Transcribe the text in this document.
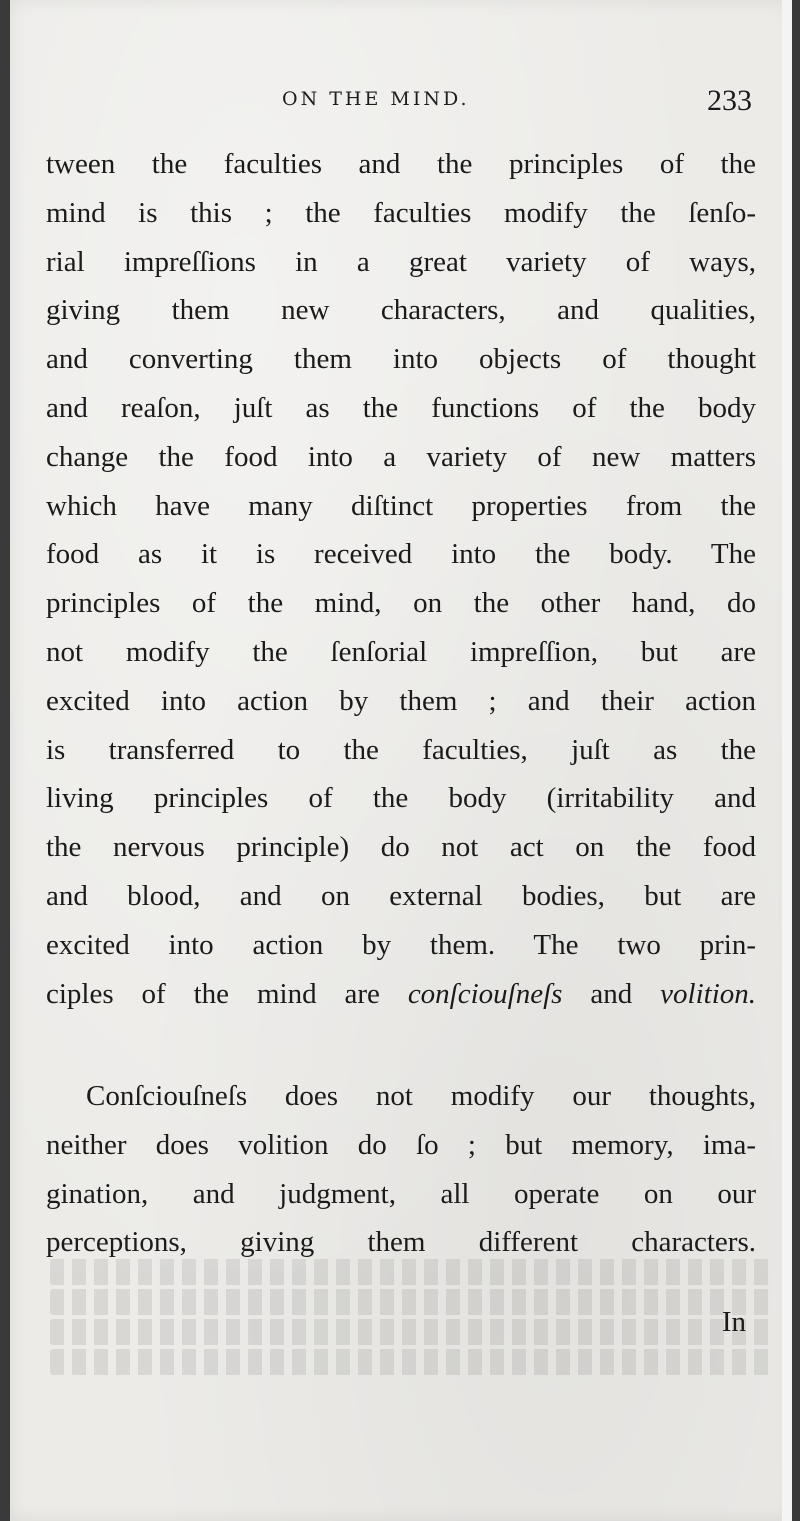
ON THE MIND.	233
tween the faculties and the principles of the
mind is this ; the faculties modify the ſenſo-
rial impreſſions in a great variety of ways,
giving them new characters, and qualities,
and converting them into objects of thought
and reaſon, juſt as the functions of the body
change the food into a variety of new matters
which have many diſtinct properties from the
food as it is received into the body. The
principles of the mind, on the other hand, do
not modify the ſenſorial impreſſion, but are
excited into action by them ; and their action
is transferred to the faculties, juſt as the
living principles of the body (irritability and
the nervous principle) do not act on the food
and blood, and on external bodies, but are
excited into action by them. The two prin-
ciples of the mind are conſciouſneſs and volition.
Conſciouſneſs does not modify our thoughts,
neither does volition do ſo ; but memory, ima-
gination, and judgment, all operate on our
perceptions, giving them different characters.
In
